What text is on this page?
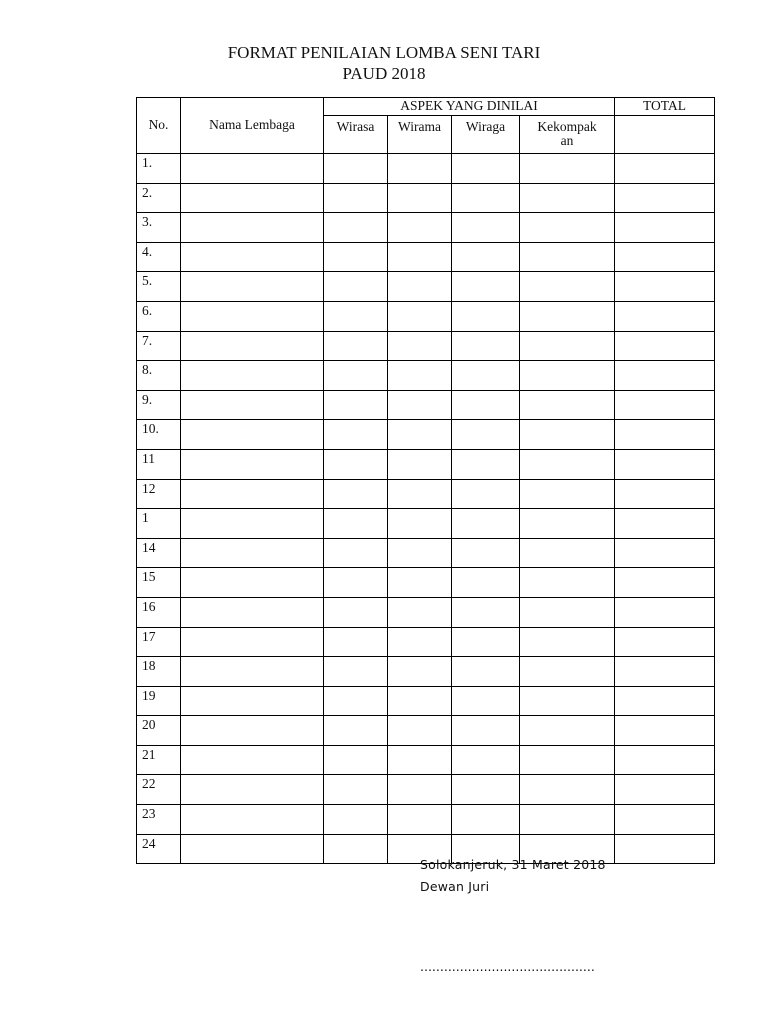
FORMAT PENILAIAN LOMBA SENI TARI
PAUD 2018
No.	Nama Lembaga	ASPEK YANG DINILAI				TOTAL
		Wirasa	Wirama	Wiraga	Kekompak
an	
1.						
2.						
3.						
4.						
5.						
6.						
7.						
8.						
9.						
10.						
11						
12						
1						
14						
15						
16						
17						
18						
19						
20						
21						
22						
23						
24						
Solokanjeruk, 31 Maret 2018
Dewan Juri
............................................
